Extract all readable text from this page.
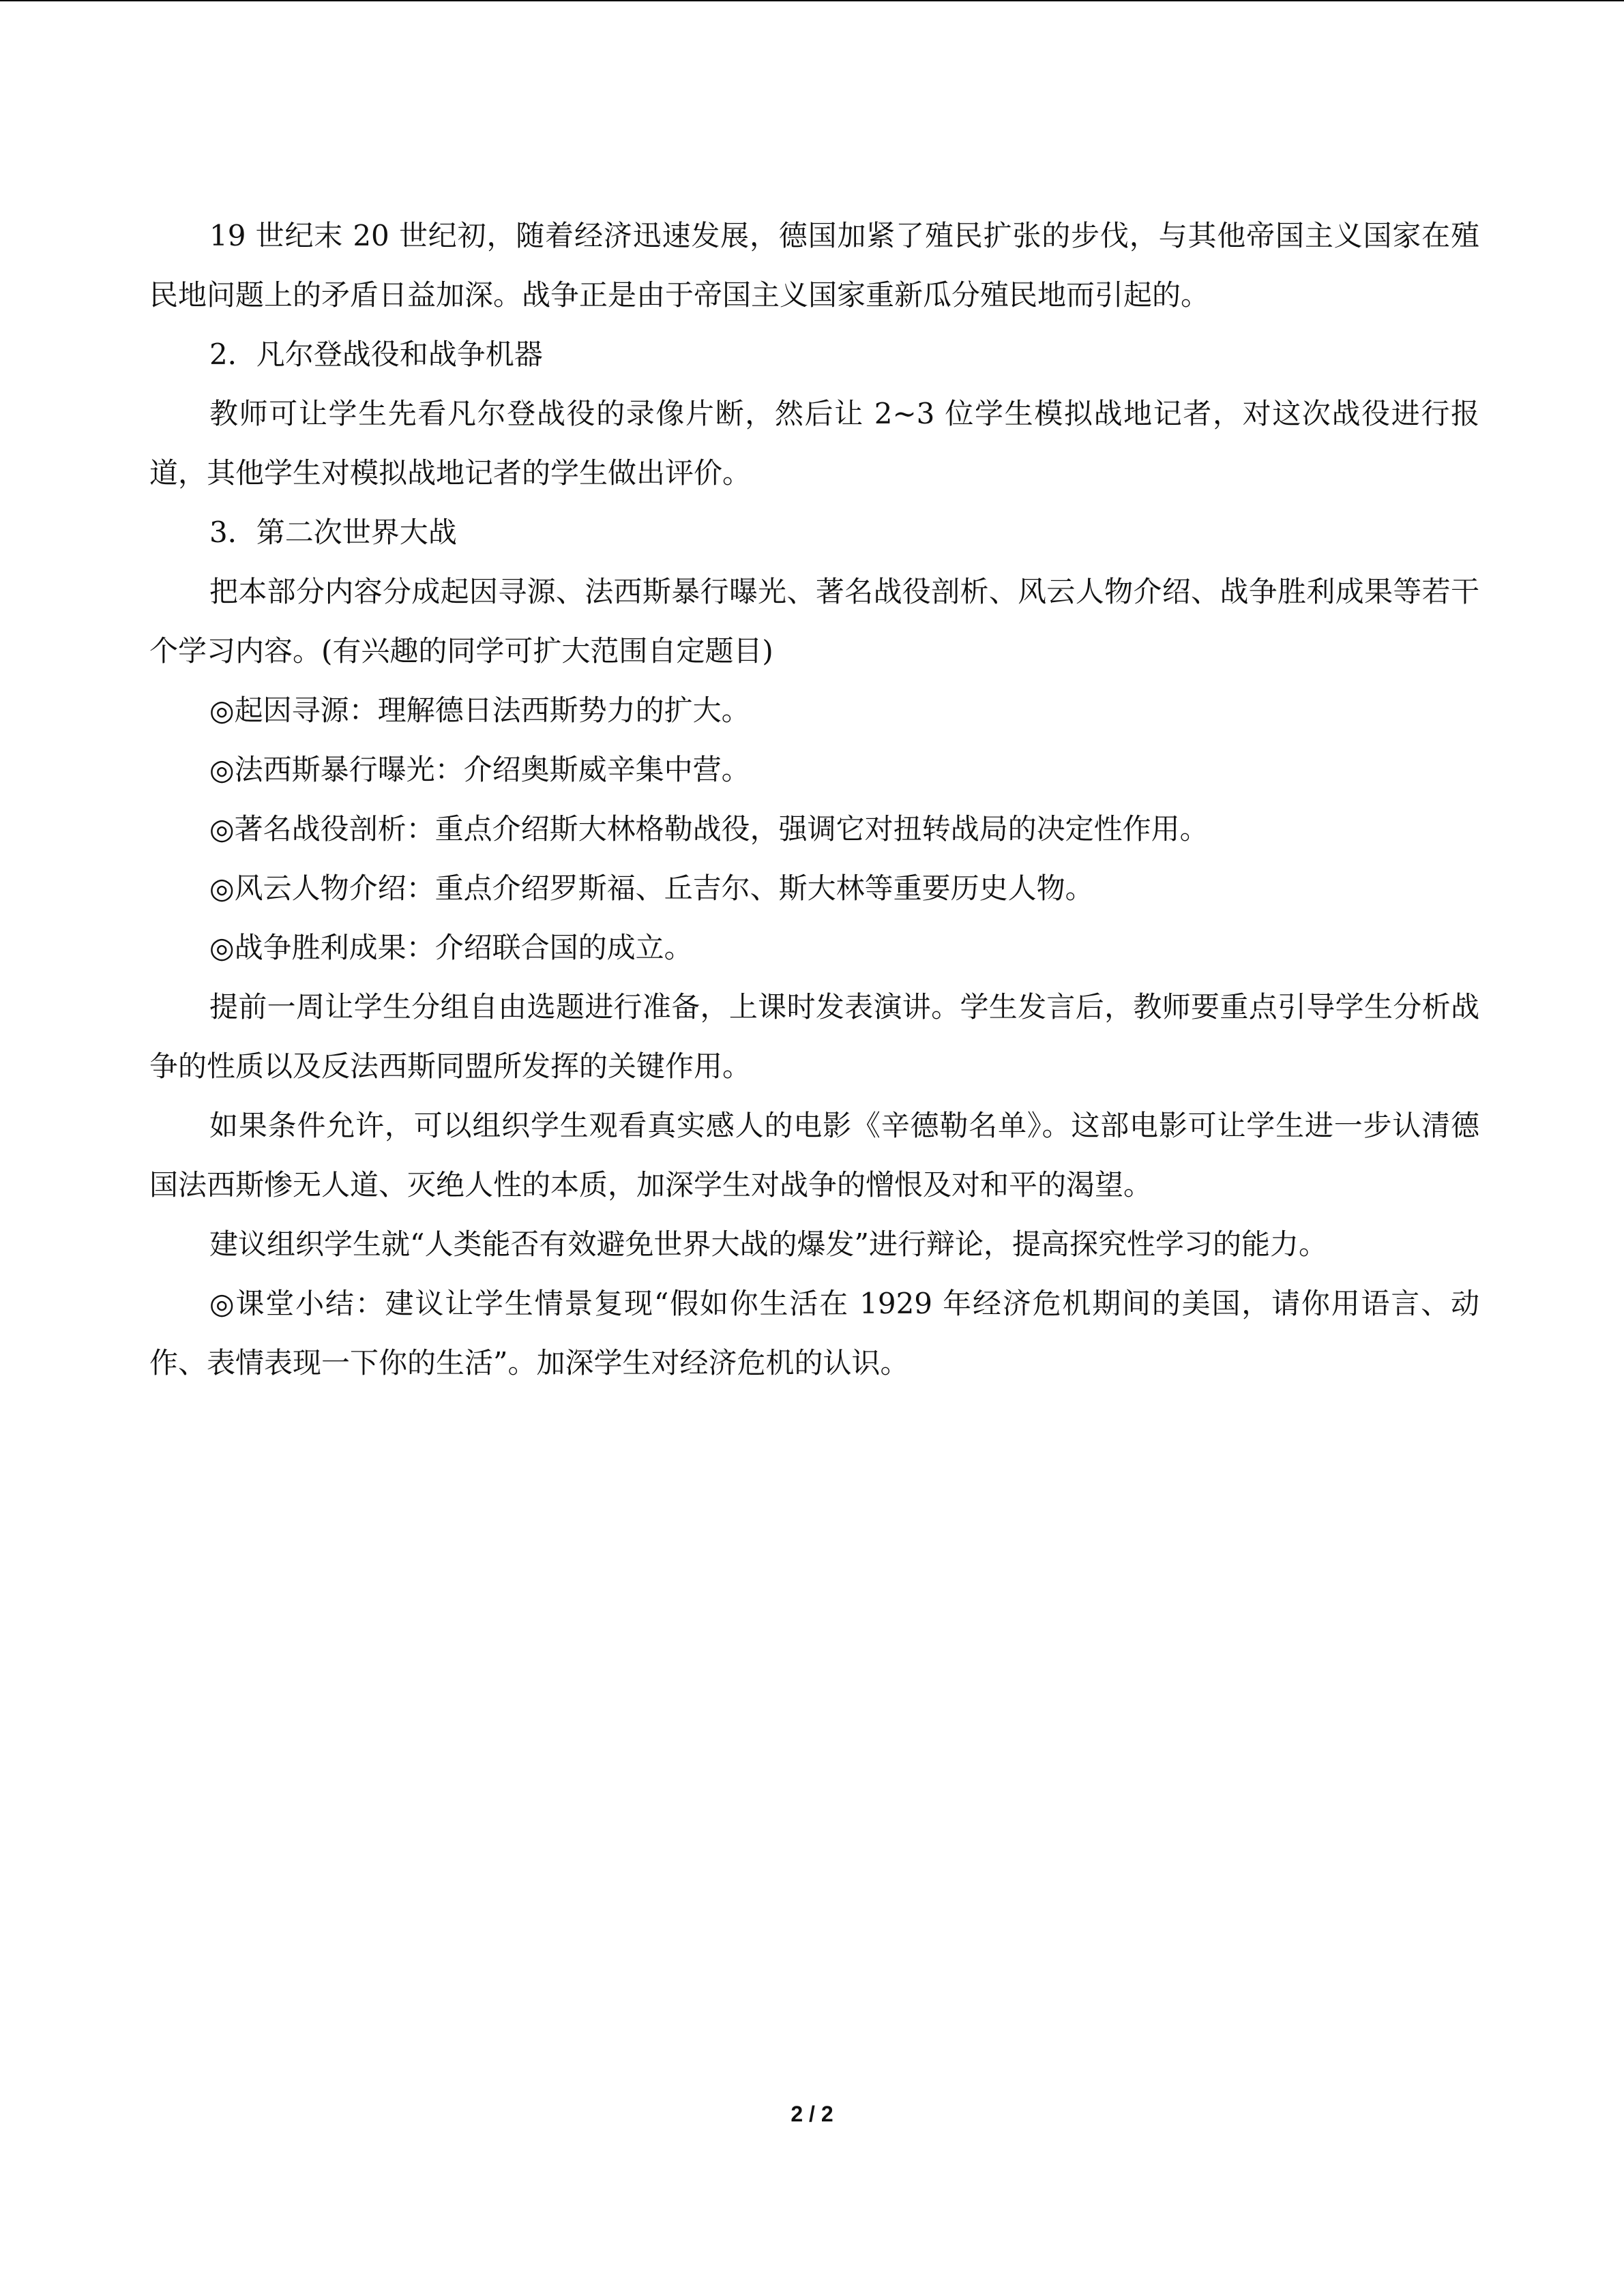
19 世纪末 20 世纪初，随着经济迅速发展，德国加紧了殖民扩张的步伐，与其他帝国主义国家在殖民地问题上的矛盾日益加深。战争正是由于帝国主义国家重新瓜分殖民地而引起的。

2．凡尔登战役和战争机器

教师可让学生先看凡尔登战役的录像片断，然后让 2~3 位学生模拟战地记者，对这次战役进行报道，其他学生对模拟战地记者的学生做出评价。

3．第二次世界大战

把本部分内容分成起因寻源、法西斯暴行曝光、著名战役剖析、风云人物介绍、战争胜利成果等若干个学习内容。(有兴趣的同学可扩大范围自定题目)

◎起因寻源：理解德日法西斯势力的扩大。

◎法西斯暴行曝光：介绍奥斯威辛集中营。

◎著名战役剖析：重点介绍斯大林格勒战役，强调它对扭转战局的决定性作用。

◎风云人物介绍：重点介绍罗斯福、丘吉尔、斯大林等重要历史人物。

◎战争胜利成果：介绍联合国的成立。

提前一周让学生分组自由选题进行准备，上课时发表演讲。学生发言后，教师要重点引导学生分析战争的性质以及反法西斯同盟所发挥的关键作用。

如果条件允许，可以组织学生观看真实感人的电影《辛德勒名单》。这部电影可让学生进一步认清德国法西斯惨无人道、灭绝人性的本质，加深学生对战争的憎恨及对和平的渴望。

建议组织学生就“人类能否有效避免世界大战的爆发”进行辩论，提高探究性学习的能力。

◎课堂小结：建议让学生情景复现“假如你生活在 1929 年经济危机期间的美国，请你用语言、动作、表情表现一下你的生活”。加深学生对经济危机的认识。

2 / 2
